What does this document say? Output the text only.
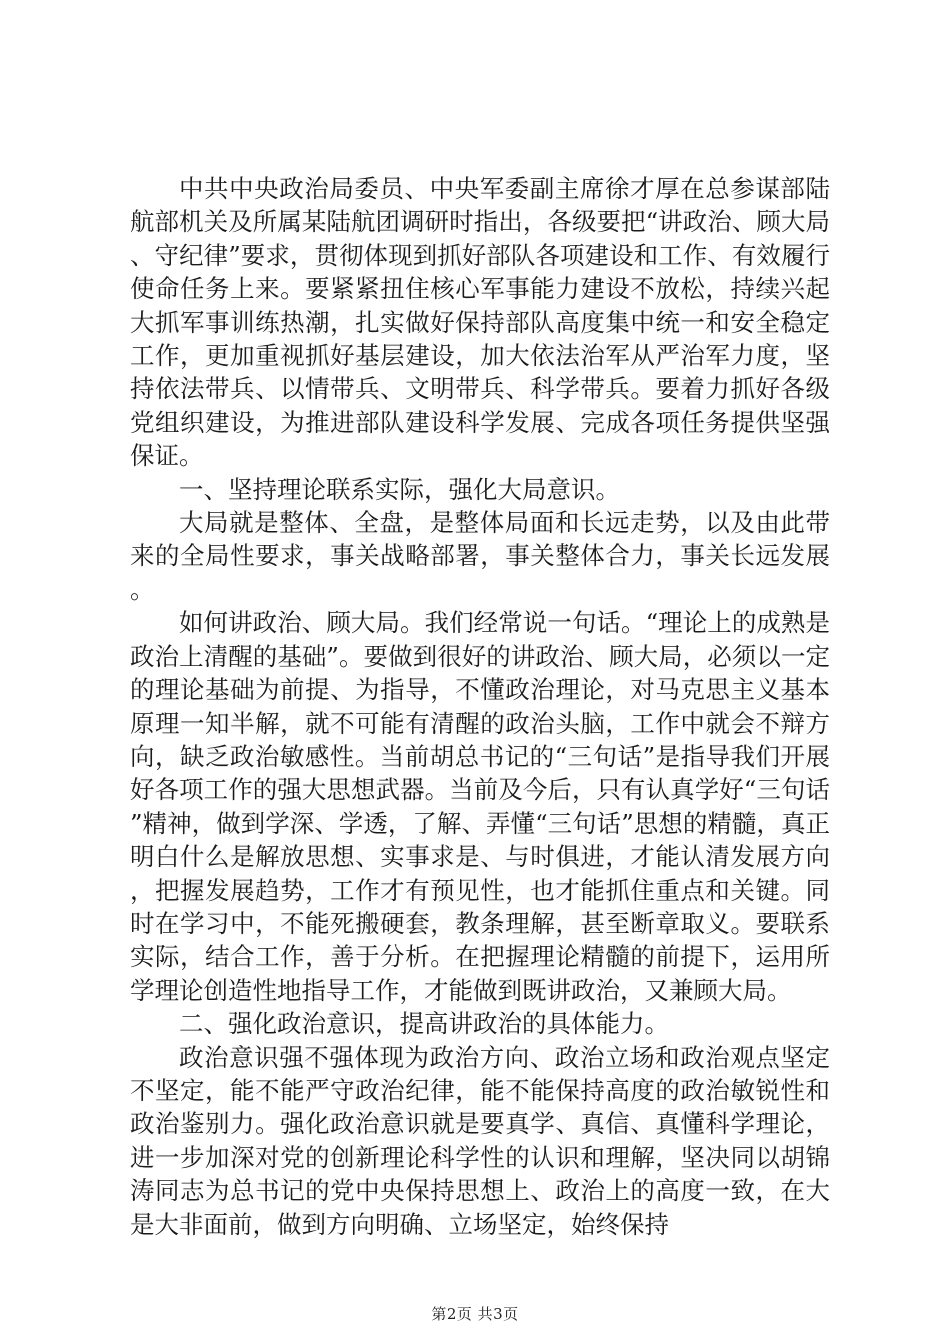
中共中央政治局委员、中央军委副主席徐才厚在总参谋部陆航部机关及所属某陆航团调研时指出，各级要把“讲政治、顾大局、守纪律”要求，贯彻体现到抓好部队各项建设和工作、有效履行使命任务上来。要紧紧扭住核心军事能力建设不放松，持续兴起大抓军事训练热潮，扎实做好保持部队高度集中统一和安全稳定工作，更加重视抓好基层建设，加大依法治军从严治军力度，坚持依法带兵、以情带兵、文明带兵、科学带兵。要着力抓好各级党组织建设，为推进部队建设科学发展、完成各项任务提供坚强保证。

一、坚持理论联系实际，强化大局意识。

大局就是整体、全盘，是整体局面和长远走势，以及由此带来的全局性要求，事关战略部署，事关整体合力，事关长远发展。

如何讲政治、顾大局。我们经常说一句话。“理论上的成熟是政治上清醒的基础”。要做到很好的讲政治、顾大局，必须以一定的理论基础为前提、为指导，不懂政治理论，对马克思主义基本原理一知半解，就不可能有清醒的政治头脑，工作中就会不辩方向，缺乏政治敏感性。当前胡总书记的“三句话”是指导我们开展好各项工作的强大思想武器。当前及今后，只有认真学好“三句话”精神，做到学深、学透，了解、弄懂“三句话”思想的精髓，真正明白什么是解放思想、实事求是、与时俱进，才能认清发展方向，把握发展趋势，工作才有预见性，也才能抓住重点和关键。同时在学习中，不能死搬硬套，教条理解，甚至断章取义。要联系实际，结合工作，善于分析。在把握理论精髓的前提下，运用所学理论创造性地指导工作，才能做到既讲政治，又兼顾大局。

二、强化政治意识，提高讲政治的具体能力。

政治意识强不强体现为政治方向、政治立场和政治观点坚定不坚定，能不能严守政治纪律，能不能保持高度的政治敏锐性和政治鉴别力。强化政治意识就是要真学、真信、真懂科学理论，进一步加深对党的创新理论科学性的认识和理解，坚决同以胡锦涛同志为总书记的党中央保持思想上、政治上的高度一致，在大是大非面前，做到方向明确、立场坚定，始终保持

第2页 共3页
